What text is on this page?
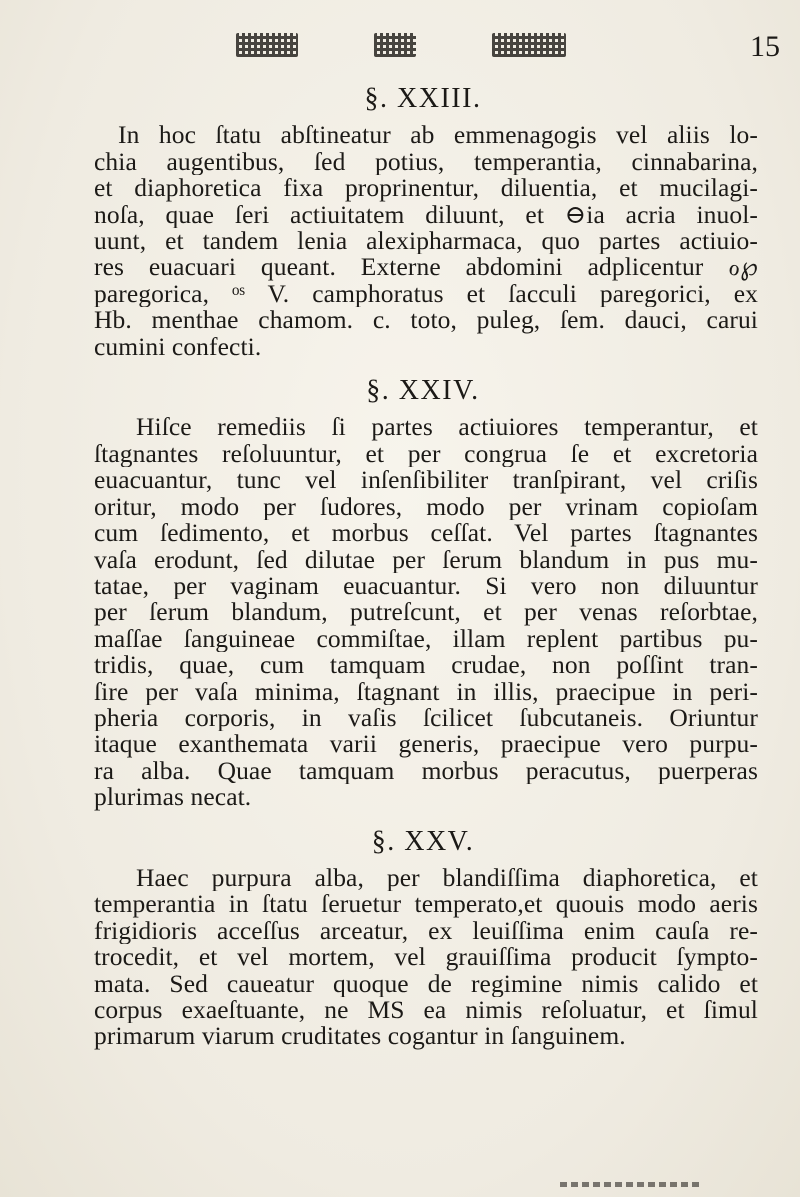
15
§. XXIII.
In hoc ſtatu abſtineatur ab emmenagogis vel aliis lo-
chia augentibus, ſed potius, temperantia, cinnabarina,
et diaphoretica fixa proprinentur, diluentia, et mucilagi-
noſa, quae ſeri actiuitatem diluunt, et ⊖ia acria inuol-
uunt, et tandem lenia alexipharmaca, quo partes actiuio-
res euacuari queant. Externe abdomini adplicentur ℴ℘
paregorica, ᵒˢ V. camphoratus et ſacculi paregorici, ex
Hb. menthae chamom. c. toto, puleg, ſem. dauci, carui
cumini confecti.
§. XXIV.
Hiſce remediis ſi partes actiuiores temperantur, et
ſtagnantes reſoluuntur, et per congrua ſe et excretoria
euacuantur, tunc vel inſenſibiliter tranſpirant, vel criſis
oritur, modo per ſudores, modo per vrinam copioſam
cum ſedimento, et morbus ceſſat. Vel partes ſtagnantes
vaſa erodunt, ſed dilutae per ſerum blandum in pus mu-
tatae, per vaginam euacuantur. Si vero non diluuntur
per ſerum blandum, putreſcunt, et per venas reſorbtae,
maſſae ſanguineae commiſtae, illam replent partibus pu-
tridis, quae, cum tamquam crudae, non poſſint tran-
ſire per vaſa minima, ſtagnant in illis, praecipue in peri-
pheria corporis, in vaſis ſcilicet ſubcutaneis. Oriuntur
itaque exanthemata varii generis, praecipue vero purpu-
ra alba. Quae tamquam morbus peracutus, puerperas
plurimas necat.
§. XXV.
Haec purpura alba, per blandiſſima diaphoretica, et
temperantia in ſtatu ſeruetur temperato,et quouis modo aeris
frigidioris acceſſus arceatur, ex leuiſſima enim cauſa re-
trocedit, et vel mortem, vel grauiſſima producit ſympto-
mata. Sed caueatur quoque de regimine nimis calido et
corpus exaeſtuante, ne MS ea nimis reſoluatur, et ſimul
primarum viarum cruditates cogantur in ſanguinem.
